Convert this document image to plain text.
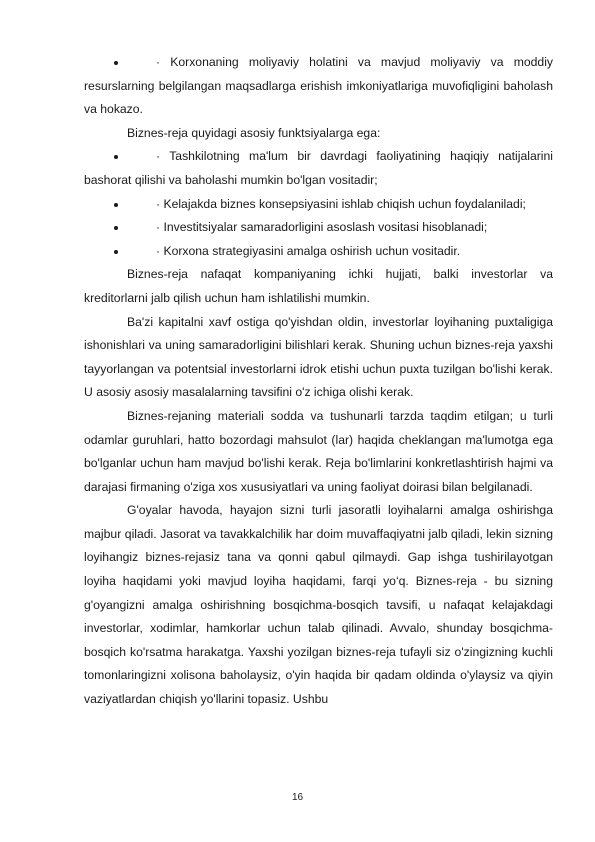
· Korxonaning moliyaviy holatini va mavjud moliyaviy va moddiy resurslarning belgilangan maqsadlarga erishish imkoniyatlariga muvofiqligini baholash va hokazo.

Biznes-reja quyidagi asosiy funktsiyalarga ega:

· Tashkilotning ma'lum bir davrdagi faoliyatining haqiqiy natijalarini bashorat qilishi va baholashi mumkin bo'lgan vositadir;
· Kelajakda biznes konsepsiyasini ishlab chiqish uchun foydalaniladi;
· Investitsiyalar samaradorligini asoslash vositasi hisoblanadi;
· Korxona strategiyasini amalga oshirish uchun vositadir.

Biznes-reja nafaqat kompaniyaning ichki hujjati, balki investorlar va kreditorlarni jalb qilish uchun ham ishlatilishi mumkin.

Ba'zi kapitalni xavf ostiga qo'yishdan oldin, investorlar loyihaning puxtaligiga ishonishlari va uning samaradorligini bilishlari kerak. Shuning uchun biznes-reja yaxshi tayyorlangan va potentsial investorlarni idrok etishi uchun puxta tuzilgan bo'lishi kerak. U asosiy asosiy masalalarning tavsifini o'z ichiga olishi kerak.

Biznes-rejaning materiali sodda va tushunarli tarzda taqdim etilgan; u turli odamlar guruhlari, hatto bozordagi mahsulot (lar) haqida cheklangan ma'lumotga ega bo'lganlar uchun ham mavjud bo'lishi kerak. Reja bo'limlarini konkretlashtirish hajmi va darajasi firmaning o'ziga xos xususiyatlari va uning faoliyat doirasi bilan belgilanadi.

G'oyalar havoda, hayajon sizni turli jasoratli loyihalarni amalga oshirishga majbur qiladi. Jasorat va tavakkalchilik har doim muvaffaqiyatni jalb qiladi, lekin sizning loyihangiz biznes-rejasiz tana va qonni qabul qilmaydi. Gap ishga tushirilayotgan loyiha haqidami yoki mavjud loyiha haqidami, farqi yo‘q. Biznes-reja - bu sizning g'oyangizni amalga oshirishning bosqichma-bosqich tavsifi, u nafaqat kelajakdagi investorlar, xodimlar, hamkorlar uchun talab qilinadi. Avvalo, shunday bosqichma-bosqich ko'rsatma harakatga. Yaxshi yozilgan biznes-reja tufayli siz o'zingizning kuchli tomonlaringizni xolisona baholaysiz, o'yin haqida bir qadam oldinda o'ylaysiz va qiyin vaziyatlardan chiqish yo'llarini topasiz. Ushbu

16
